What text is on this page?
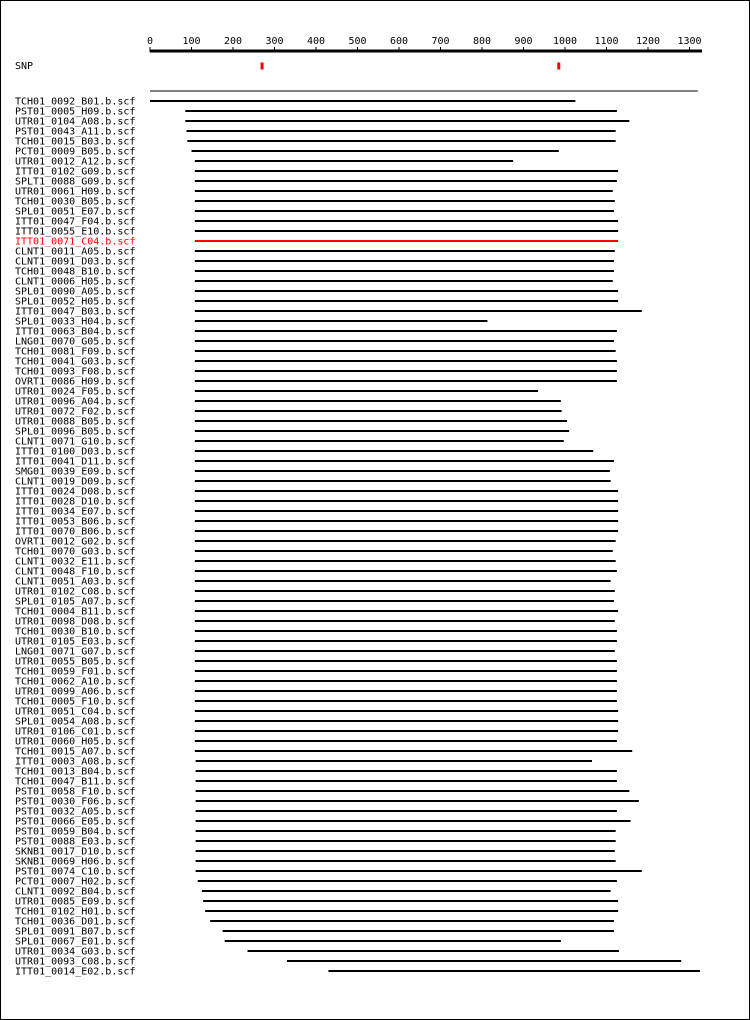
0	100 200 300 400 500 600 700 800 900 1000 1100 1200 1300
SNP
TCH01_0092_B01.b.scf
PST01_0005_H09.b.scf
UTR01_0104_A08.b.scf
PST01_0043_A11.b.scf
TCH01_0015_B03.b.scf
PCT01_0009_B05.b.scf
UTR01_0012_A12.b.scf
ITT01_0102_G09.b.scf
SPLT1_0088_G09.b.scf
UTR01_0061_H09.b.scf
TCH01_0030_B05.b.scf
SPL01_0051_E07.b.scf
ITT01_0047_F04.b.scf
ITT01_0055_E10.b.scf
ITT01_0071_C04.b.scf
CLNT1_0011_A05.b.scf
CLNT1_0091_D03.b.scf
TCH01_0048_B10.b.scf
CLNT1_0006_H05.b.scf
SPL01_0090_A05.b.scf
SPL01_0052_H05.b.scf
ITT01_0047_B03.b.scf
SPL01_0033_H04.b.scf
ITT01_0063_B04.b.scf
LNG01_0070_G05.b.scf
TCH01_0081_F09.b.scf
TCH01_0041_G03.b.scf
TCH01_0093_F08.b.scf
OVRT1_0086_H09.b.scf
UTR01_0024_F05.b.scf
UTR01_0096_A04.b.scf
UTR01_0072_F02.b.scf
UTR01_0088_B05.b.scf
SPL01_0096_B05.b.scf
CLNT1_0071_G10.b.scf
ITT01_0100_D03.b.scf
ITT01_0041_D11.b.scf
SMG01_0039_E09.b.scf
CLNT1_0019_D09.b.scf
ITT01_0024_D08.b.scf
ITT01_0028_D10.b.scf
ITT01_0034_E07.b.scf
ITT01_0053_B06.b.scf
ITT01_0070_B06.b.scf
OVRT1_0012_G02.b.scf
TCH01_0070_G03.b.scf
CLNT1_0032_E11.b.scf
CLNT1_0048_F10.b.scf
CLNT1_0051_A03.b.scf
UTR01_0102_C08.b.scf
SPL01_0105_A07.b.scf
TCH01_0004_B11.b.scf
UTR01_0098_D08.b.scf
TCH01_0030_B10.b.scf
UTR01_0105_E03.b.scf
LNG01_0071_G07.b.scf
UTR01_0055_B05.b.scf
TCH01_0059_F01.b.scf
TCH01_0062_A10.b.scf
UTR01_0099_A06.b.scf
TCH01_0005_F10.b.scf
UTR01_0051_C04.b.scf
SPL01_0054_A08.b.scf
UTR01_0106_C01.b.scf
UTR01_0060_H05.b.scf
TCH01_0015_A07.b.scf
ITT01_0003_A08.b.scf
TCH01_0013_B04.b.scf
TCH01_0047_B11.b.scf
PST01_0058_F10.b.scf
PST01_0030_F06.b.scf
PST01_0032_A05.b.scf
PST01_0066_E05.b.scf
PST01_0059_B04.b.scf
PST01_0088_E03.b.scf
SKNB1_0017_D10.b.scf
SKNB1_0069_H06.b.scf
PST01_0074_C10.b.scf
PCT01_0007_H02.b.scf
CLNT1_0092_B04.b.scf
UTR01_0085_E09.b.scf
TCH01_0102_H01.b.scf
TCH01_0036_D01.b.scf
SPL01_0091_B07.b.scf
SPL01_0067_E01.b.scf
UTR01_0034_G03.b.scf
UTR01_0093_C08.b.scf
ITT01_0014_E02.b.scf
